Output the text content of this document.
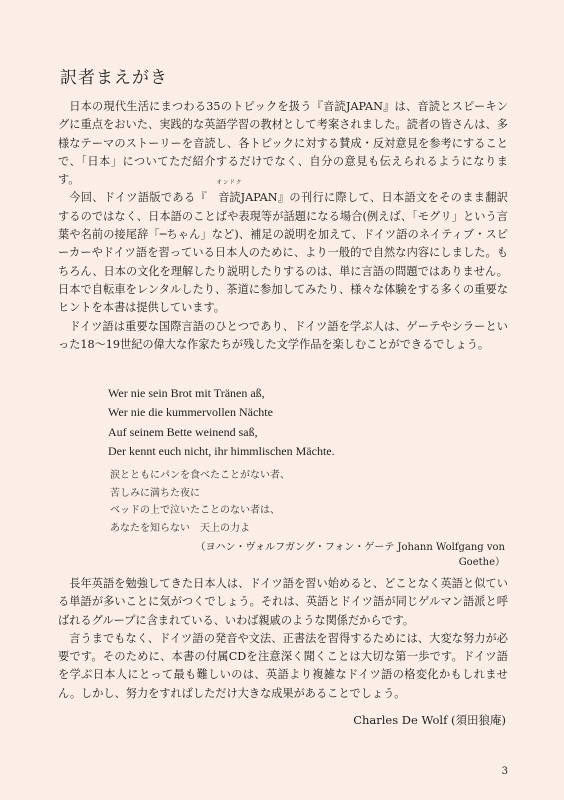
訳者まえがき

日本の現代生活にまつわる35のトピックを扱う『音読JAPAN』は、音読とスピーキングに重点をおいた、実践的な英語学習の教材として考案されました。読者の皆さんは、多様なテーマのストーリーを音読し、各トピックに対する賛成・反対意見を参考にすることで、「日本」についてただ紹介するだけでなく、自分の意見も伝えられるようになります。

今回、ドイツ語版である『
オンドク
音読JAPAN』の刊行に際して、日本語文をそのまま翻訳するのではなく、日本語のことばや表現等が話題になる場合(例えば、「モグリ」という言葉や名前の接尾辞「─ちゃん」など)、補足の説明を加えて、ドイツ語のネイティブ・スピーカーやドイツ語を習っている日本人のために、より一般的で自然な内容にしました。もちろん、日本の文化を理解したり説明したりするのは、単に言語の問題ではありません。 日本で自転車をレンタルしたり、茶道に参加してみたり、様々な体験をする多くの重要なヒントを本書は提供しています。

ドイツ語は重要な国際言語のひとつであり、ドイツ語を学ぶ人は、ゲーテやシラーといった18～19世紀の偉大な作家たちが残した文学作品を楽しむことができるでしょう。

Wer nie sein Brot mit Tränen aß,
Wer nie die kummervollen Nächte
Auf seinem Bette weinend saß,
Der kennt euch nicht, ihr himmlischen Mächte.
涙とともにパンを食べたことがない者、
苦しみに満ちた夜に
ベッドの上で泣いたことのない者は、
あなたを知らない　天上の力よ
（ヨハン・ヴォルフガング・フォン・ゲーテ Johann Wolfgang von Goethe）

長年英語を勉強してきた日本人は、ドイツ語を習い始めると、どことなく英語と似ている単語が多いことに気がつくでしょう。それは、英語とドイツ語が同じゲルマン語派と呼ばれるグループに含まれている、いわば親戚のような関係だからです。

言うまでもなく、ドイツ語の発音や文法、正書法を習得するためには、大変な努力が必要です。そのために、本書の付属CDを注意深く聞くことは大切な第一歩です。ドイツ語を学ぶ日本人にとって最も難しいのは、英語より複雑なドイツ語の格変化かもしれません。しかし、努力をすればしただけ大きな成果があることでしょう。

Charles De Wolf (須田狼庵)
3
